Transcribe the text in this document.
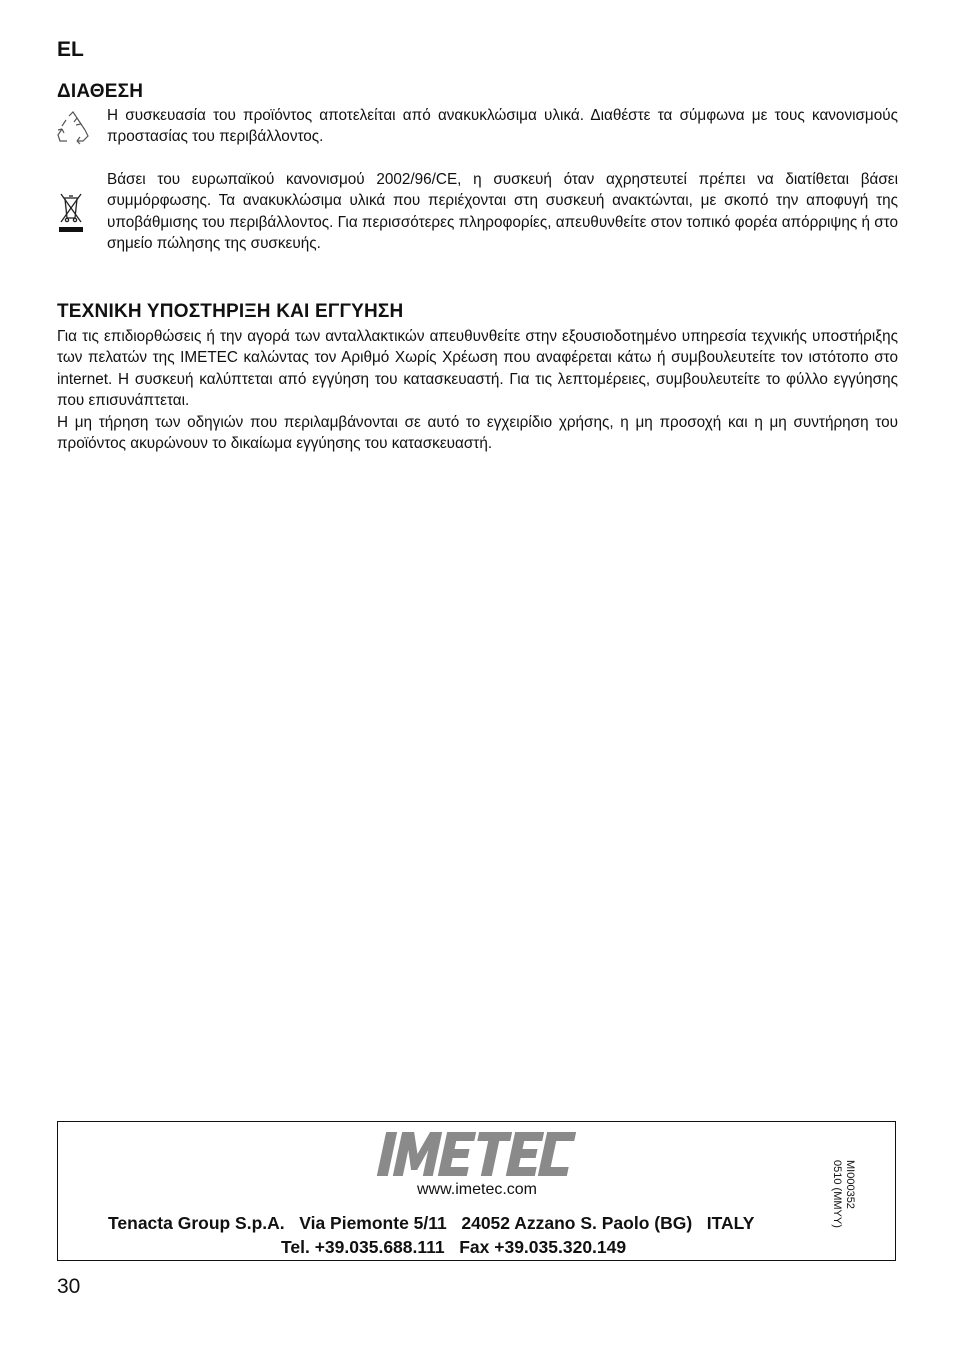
EL
ΔΙΑΘΕΣΗ

Η συσκευασία του προϊόντος αποτελείται από ανακυκλώσιμα υλικά. Διαθέστε τα σύμφωνα με τους κανονισμούς προστασίας του περιβάλλοντος.

Βάσει του ευρωπαϊκού κανονισμού 2002/96/CE, η συσκευή όταν αχρηστευτεί πρέπει να διατίθεται βάσει συμμόρφωσης. Τα ανακυκλώσιμα υλικά που περιέχονται στη συσκευή ανακτώνται, με σκοπό την αποφυγή της υποβάθμισης του περιβάλλοντος. Για περισσότερες πληροφορίες, απευθυνθείτε στον τοπικό φορέα απόρριψης ή στο σημείο πώλησης της συσκευής.

ΤΕΧΝΙΚΗ ΥΠΟΣΤΗΡΙΞΗ ΚΑΙ ΕΓΓΥΗΣΗ

Για τις επιδιορθώσεις ή την αγορά των ανταλλακτικών απευθυνθείτε στην εξουσιοδοτημένο υπηρεσία τεχνικής υποστήριξης των πελατών της IMETEC καλώντας τον Αριθμό Χωρίς Χρέωση που αναφέρεται κάτω ή συμβουλευτείτε τον ιστότοπο στο internet. Η συσκευή καλύπτεται από εγγύηση του κατασκευαστή. Για τις λεπτομέρειες, συμβουλευτείτε το φύλλο εγγύησης που επισυνάπτεται.

Η μη τήρηση των οδηγιών που περιλαμβάνονται σε αυτό το εγχειρίδιο χρήσης, η μη προσοχή και η μη συντήρηση του προϊόντος ακυρώνουν το δικαίωμα εγγύησης του κατασκευαστή.

www.imetec.com
Tenacta Group S.p.A.   Via Piemonte 5/11   24052 Azzano S. Paolo (BG)   ITALY
Tel. +39.035.688.111   Fax +39.035.320.149
MI000352
0510 (MMYY)
30
